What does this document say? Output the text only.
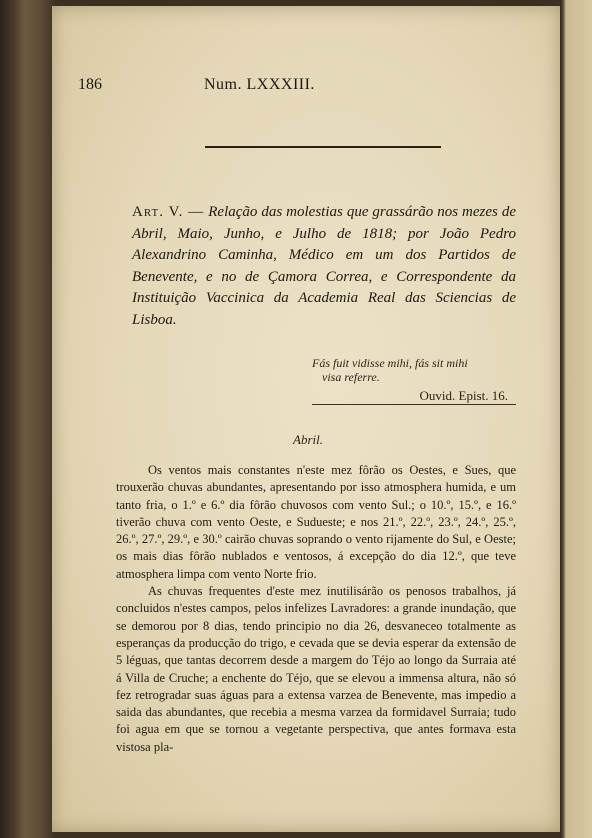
186	Num. LXXXIII.
Art. V. — Relação das molestias que grassárão nos mezes de Abril, Maio, Junho, e Julho de 1818; por João Pedro Alexandrino Caminha, Médico em um dos Partidos de Benevente, e no de Çamora Correa, e Correspondente da Instituição Vaccinica da Academia Real das Sciencias de Lisboa.
Fás fuit vidisse mihi, fás sit mihi
visa referre.
Ouvid. Epist. 16.
Abril.

Os ventos mais constantes n'este mez fôrão os Oestes, e Sues, que trouxerão chuvas abundantes, apresentando por isso atmosphera humida, e um tanto fria, o 1.º e 6.º dia fôrão chuvosos com vento Sul.; o 10.º, 15.º, e 16.º tiverão chuva com vento Oeste, e Sudueste; e nos 21.º, 22.º, 23.º, 24.º, 25.º, 26.º, 27.º, 29.º, e 30.º cairão chuvas soprando o vento rijamente do Sul, e Oeste; os mais dias fôrão nublados e ventosos, á excepção do dia 12.º, que teve atmosphera limpa com vento Norte frio.

As chuvas frequentes d'este mez inutilisárão os penosos trabalhos, já concluidos n'estes campos, pelos infelizes Lavradores: a grande inundação, que se demorou por 8 dias, tendo principio no dia 26, desvaneceo totalmente as esperanças da producção do trigo, e cevada que se devia esperar da extensão de 5 léguas, que tantas decorrem desde a margem do Téjo ao longo da Surraia até á Villa de Cruche; a enchente do Téjo, que se elevou a immensa altura, não só fez retrogradar suas águas para a extensa varzea de Benevente, mas impedio a saida das abundantes, que recebia a mesma varzea da formidavel Surraia; tudo foi agua em que se tornou a vegetante perspectiva, que antes formava esta vistosa pla-
